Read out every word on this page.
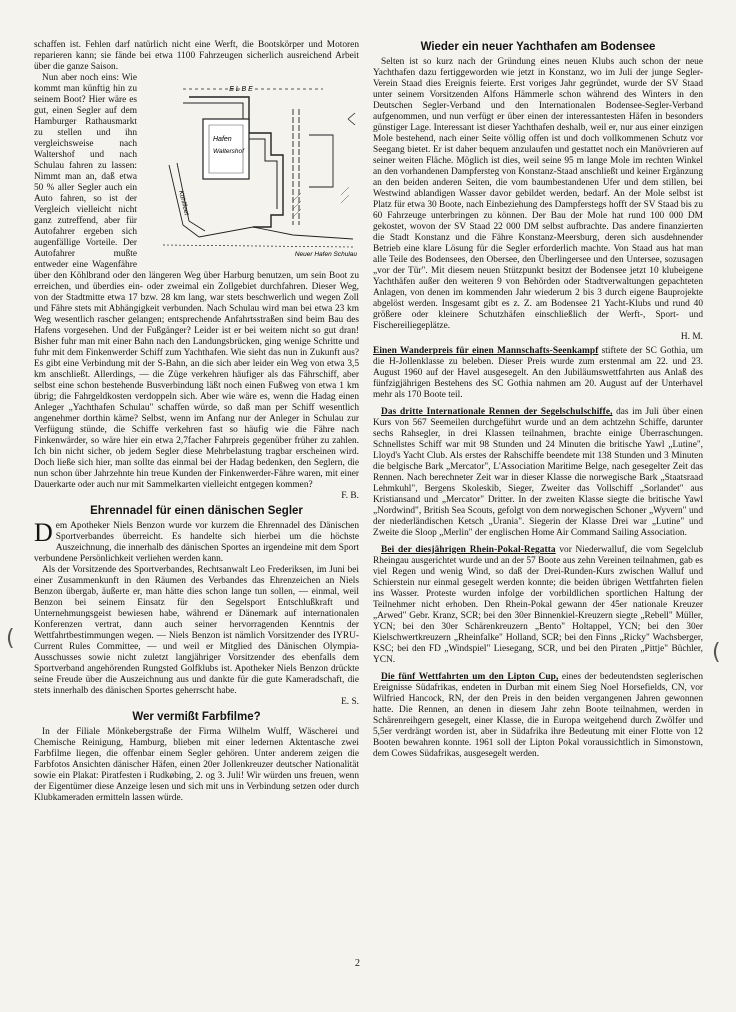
schaffen ist. Fehlen darf natürlich nicht eine Werft, die Bootskörper und Motoren reparieren kann; sie fände bei etwa 1100 Fahrzeugen sicherlich ausreichend Arbeit über die ganze Saison.

E L B E
Hafen
Waltershof
Köhlfleet
Neuer Hafen Schulau

Nun aber noch eins: Wie kommt man künftig hin zu seinem Boot? Hier wäre es gut, einen Segler auf dem Hamburger Rathausmarkt zu stellen und ihn vergleichsweise nach Waltershof und nach Schulau fahren zu lassen: Nimmt man an, daß etwa 50 % aller Segler auch ein Auto fahren, so ist der Vergleich vielleicht nicht ganz zutreffend, aber für Autofahrer ergeben sich augenfällige Vorteile. Der Autofahrer mußte entweder eine Wagenfähre über den Köhlbrand oder den längeren Weg über Harburg benutzen, um sein Boot zu erreichen, und überdies ein- oder zweimal ein Zollgebiet durchfahren. Dieser Weg, von der Stadtmitte etwa 17 bzw. 28 km lang, war stets beschwerlich und wegen Zoll und Fähre stets mit Abhängigkeit verbunden. Nach Schulau wird man bei etwa 23 km Weg wesentlich rascher gelangen; entsprechende Anfahrtsstraßen sind beim Bau des Hafens vorgesehen. Und der Fußgänger? Leider ist er bei weitem nicht so gut dran! Bisher fuhr man mit einer Bahn nach den Landungsbrücken, ging wenige Schritte und fuhr mit dem Finkenwerder Schiff zum Yachthafen. Wie sieht das nun in Zukunft aus? Es gibt eine Verbindung mit der S-Bahn, an die sich aber leider ein Weg von etwa 3,5 km anschließt. Allerdings, — die Züge verkehren häufiger als das Fährschiff, aber selbst eine schon bestehende Busverbindung läßt noch einen Fußweg von etwa 1 km übrig; die Fahrgeldkosten verdoppeln sich. Aber wie wäre es, wenn die Hadag einen Anleger „Yachthafen Schulau" schaffen würde, so daß man per Schiff wesentlich angenehmer dorthin käme? Selbst, wenn im Anfang nur der Anleger in Schulau zur Verfügung stünde, die Schiffe verkehren fast so häufig wie die Fähre nach Finkenwärder, so wäre hier ein etwa 2,7facher Fahrpreis gegenüber früher zu zahlen. Ich bin nicht sicher, ob jedem Segler diese Mehrbelastung tragbar erscheinen wird. Doch ließe sich hier, man sollte das einmal bei der Hadag bedenken, den Seglern, die nun schon über Jahrzehnte hin treue Kunden der Finkenwerder-Fähre waren, mit einer Dauerkarte oder auch nur mit Sammelkarten vielleicht entgegen kommen?

F. B.

Ehrennadel für einen dänischen Segler

Dem Apotheker Niels Benzon wurde vor kurzem die Ehrennadel des Dänischen Sportverbandes überreicht. Es handelte sich hierbei um die höchste Auszeichnung, die innerhalb des dänischen Sportes an irgendeine mit dem Sport verbundene Persönlichkeit verliehen werden kann.

Als der Vorsitzende des Sportverbandes, Rechtsanwalt Leo Frederiksen, im Juni bei einer Zusammenkunft in den Räumen des Verbandes das Ehrenzeichen an Niels Benzon übergab, äußerte er, man hätte dies schon lange tun sollen, — einmal, weil Benzon bei seinem Einsatz für den Segelsport Entschlußkraft und Unternehmungsgeist bewiesen habe, während er Dänemark auf internationalen Konferenzen vertrat, dann auch seiner hervorragenden Kenntnis der Wettfahrtbestimmungen wegen. — Niels Benzon ist nämlich Vorsitzender des IYRU-Current Rules Committee, — und weil er Mitglied des Dänischen Olympia-Ausschusses sowie nicht zuletzt langjähriger Vorsitzender des ebenfalls dem Sportverband angehörenden Rungsted Golfklubs ist. Apotheker Niels Benzon drückte seine Freude über die Auszeichnung aus und dankte für die gute Kameradschaft, die stets innerhalb des dänischen Sportes geherrscht habe.

E. S.

Wer vermißt Farbfilme?

In der Filiale Mönkebergstraße der Firma Wilhelm Wulff, Wäscherei und Chemische Reinigung, Hamburg, blieben mit einer ledernen Aktentasche zwei Farbfilme liegen, die offenbar einem Segler gehören. Unter anderem zeigen die Farbfotos Ansichten dänischer Häfen, einen 20er Jollenkreuzer deutscher Nationalität sowie ein Plakat: Piratfesten i Rudkøbing, 2. og 3. Juli! Wir würden uns freuen, wenn der Eigentümer diese Anzeige lesen und sich mit uns in Verbindung setzen oder durch Klubkameraden ermitteln lassen würde.

Wieder ein neuer Yachthafen am Bodensee

Selten ist so kurz nach der Gründung eines neuen Klubs auch schon der neue Yachthafen dazu fertiggeworden wie jetzt in Konstanz, wo im Juli der junge Segler-Verein Staad dies Ereignis feierte. Erst voriges Jahr gegründet, wurde der SV Staad unter seinem Vorsitzenden Alfons Hämmerle schon während des Winters in den Deutschen Segler-Verband und den Internationalen Bodensee-Segler-Verband aufgenommen, und nun verfügt er über einen der interessantesten Häfen in besonders günstiger Lage. Interessant ist dieser Yachthafen deshalb, weil er, nur aus einer einzigen Mole bestehend, nach einer Seite völlig offen ist und doch vollkommenen Schutz vor Seegang bietet. Er ist daher bequem anzulaufen und gestattet noch ein Manövrieren auf seiner weiten Fläche. Möglich ist dies, weil seine 95 m lange Mole im rechten Winkel an den vorhandenen Dampfersteg von Konstanz-Staad anschließt und keiner Ergänzung an den beiden anderen Seiten, die vom baumbestandenen Ufer und dem stillen, bei Westwind ablandigen Wasser davor gebildet werden, bedarf. An der Mole selbst ist Platz für etwa 30 Boote, nach Einbeziehung des Dampferstegs hofft der SV Staad bis zu 60 Fahrzeuge unterbringen zu können. Der Bau der Mole hat rund 100 000 DM gekostet, wovon der SV Staad 22 000 DM selbst aufbrachte. Das andere finanzierten die Stadt Konstanz und die Fähre Konstanz-Meersburg, deren sich ausdehnender Betrieb eine klare Lösung für die Segler erforderlich machte. Von Staad aus hat man alle Teile des Bodensees, den Obersee, den Überlingersee und den Untersee, sozusagen „vor der Tür". Mit diesem neuen Stützpunkt besitzt der Bodensee jetzt 10 klubeigene Yachthäfen außer den weiteren 9 von Behörden oder Stadtverwaltungen gepachteten Anlagen, von denen im kommenden Jahr wiederum 2 bis 3 durch eigene Bauprojekte abgelöst werden. Insgesamt gibt es z. Z. am Bodensee 21 Yacht-Klubs und rund 40 größere oder kleinere Schutzhäfen einschließlich der Werft-, Sport- und Fischereiliegeplätze.

H. M.

Einen Wanderpreis für einen Mannschafts-Seenkampf stiftete der SC Gothia, um die H-Jollenklasse zu beleben. Dieser Preis wurde zum erstenmal am 22. und 23. August 1960 auf der Havel ausgesegelt. An den Jubiläumswettfahrten aus Anlaß des fünfzigjährigen Bestehens des SC Gothia nahmen am 20. August auf der Unterhavel mehr als 170 Boote teil.

Das dritte Internationale Rennen der Segelschulschiffe, das im Juli über einen Kurs von 567 Seemeilen durchgeführt wurde und an dem achtzehn Schiffe, darunter sechs Rahsegler, in drei Klassen teilnahmen, brachte einige Überraschungen. Schnellstes Schiff war mit 98 Stunden und 24 Minuten die britische Yawl „Lutine", Lloyd's Yacht Club. Als erstes der Rahschiffe beendete mit 138 Stunden und 3 Minuten die belgische Bark „Mercator", L'Association Maritime Belge, nach gesegelter Zeit das Rennen. Nach berechneter Zeit war in dieser Klasse die norwegische Bark „Staatsraad Lehmkuhl", Bergens Skoleskib, Sieger, Zweiter das Vollschiff „Sorlandet" aus Kristiansand und „Mercator" Dritter. In der zweiten Klasse siegte die britische Yawl „Nordwind", British Sea Scouts, gefolgt von dem norwegischen Schoner „Wyvern" und der niederländischen Ketsch „Urania". Siegerin der Klasse Drei war „Lutine" und Zweite die Sloop „Merlin" der englischen Home Air Command Sailing Association.

Bei der diesjährigen Rhein-Pokal-Regatta vor Niederwalluf, die vom Segelclub Rheingau ausgerichtet wurde und an der 57 Boote aus zehn Vereinen teilnahmen, gab es viel Regen und wenig Wind, so daß der Drei-Runden-Kurs zwischen Walluf und Schierstein nur einmal gesegelt werden konnte; die beiden übrigen Wettfahrten fielen ins Wasser. Proteste wurden infolge der vorbildlichen sportlichen Haltung der Teilnehmer nicht erhoben. Den Rhein-Pokal gewann der 45er nationale Kreuzer „Arwed" Gebr. Kranz, SCR; bei den 30er Binnenkiel-Kreuzern siegte „Rebell" Müller, YCN; bei den 30er Schärenkreuzern „Bento" Holtappel, YCN; bei den 30er Kielschwertkreuzern „Rheinfalke" Holland, SCR; bei den Finns „Ricky" Wachsberger, KSC; bei den FD „Windspiel" Liesegang, SCR, und bei den Piraten „Pittje" Büchler, YCN.

Die fünf Wettfahrten um den Lipton Cup, eines der bedeutendsten seglerischen Ereignisse Südafrikas, endeten in Durban mit einem Sieg Noel Horsefields, CN, vor Wilfried Hancock, RN, der den Preis in den beiden vergangenen Jahren gewonnen hatte. Die Rennen, an denen in diesem Jahr zehn Boote teilnahmen, werden in Schärenreihgern gesegelt, einer Klasse, die in Europa weitgehend durch Zwölfer und 5,5er verdrängt worden ist, aber in Südafrika ihre Bedeutung mit einer Flotte von 12 Booten bewahren konnte. 1961 soll der Lipton Pokal voraussichtlich in Simonstown, dem Cowes Südafrikas, ausgesegelt werden.

2
(
(
